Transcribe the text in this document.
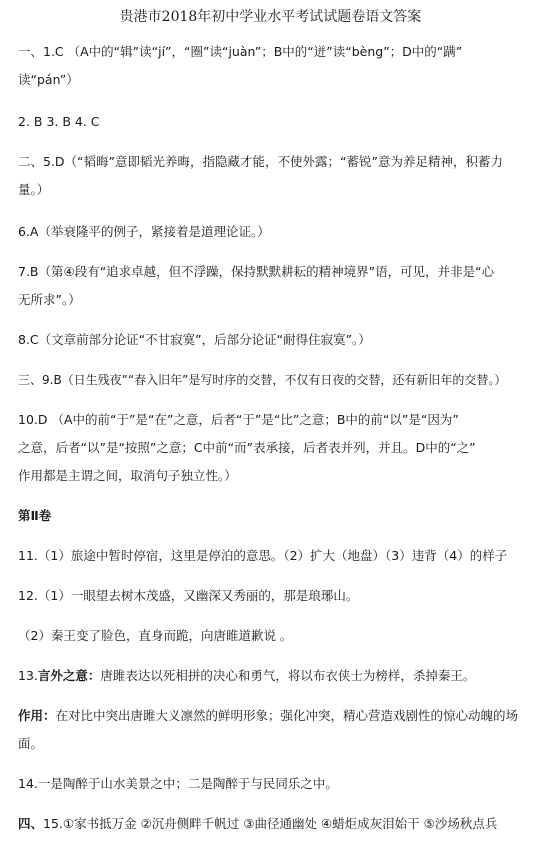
贵港市2018年初中学业水平考试试题卷语文答案
一、1.C （A中的“辑”读“jí”，“圈”读“juàn”；B中的“迸”读“bèng”；D中的“蹒”
读“pán”）
2. B 3. B 4. C
二、5.D（“韬晦”意即韬光养晦，指隐藏才能，不使外露；“蓄锐”意为养足精神，积蓄力
量。）
6.A（举衰隆平的例子，紧接着是道理论证。）
7.B（第④段有“追求卓越，但不浮躁，保持默默耕耘的精神境界”语，可见，并非是“心
无所求”。）
8.C（文章前部分论证“不甘寂寞”，后部分论证“耐得住寂寞”。）
三、9.B（日生残夜”“春入旧年”是写时序的交替，不仅有日夜的交替，还有新旧年的交替。）
10.D （A中的前“于”是“在”之意，后者“于”是“比”之意；B中的前“以”是“因为”
之意，后者“以”是“按照”之意；C中前“而”表承接，后者表并列，并且。D中的“之”
作用都是主谓之间，取消句子独立性。）
第Ⅱ卷
11.（1）旅途中暂时停宿，这里是停泊的意思。（2）扩大（地盘）（3）违背（4）的样子
12.（1）一眼望去树木茂盛，又幽深又秀丽的，那是琅琊山。
（2）秦王变了脸色，直身而跪，向唐睢道歉说 。
13.言外之意：唐雎表达以死相拼的决心和勇气，将以布衣侠士为榜样，杀掉秦王。
作用：在对比中突出唐雎大义凛然的鲜明形象；强化冲突，精心营造戏剧性的惊心动魄的场
面。
14.一是陶醉于山水美景之中；二是陶醉于与民同乐之中。
四、15.①家书抵万金 ②沉舟侧畔千帆过 ③曲径通幽处 ④蜡炬成灰泪始干 ⑤沙场秋点兵
